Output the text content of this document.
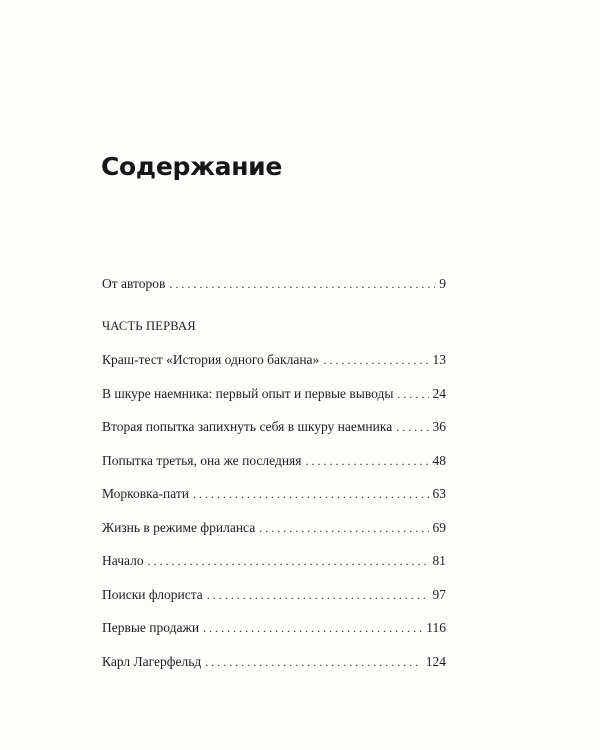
Содержание
От авторов . . .	9
ЧАСТЬ ПЕРВАЯ
Краш-тест «История одного баклана» . . .	13
В шкуре наемника: первый опыт и первые выводы . . .	24
Вторая попытка запихнуть себя в шкуру наемника . . .	36
Попытка третья, она же последняя . . .	48
Морковка-пати . . .	63
Жизнь в режиме фриланса . . .	69
Начало . . .	81
Поиски флориста . . .	97
Первые продажи . . .	116
Карл Лагерфельд . . .	124
